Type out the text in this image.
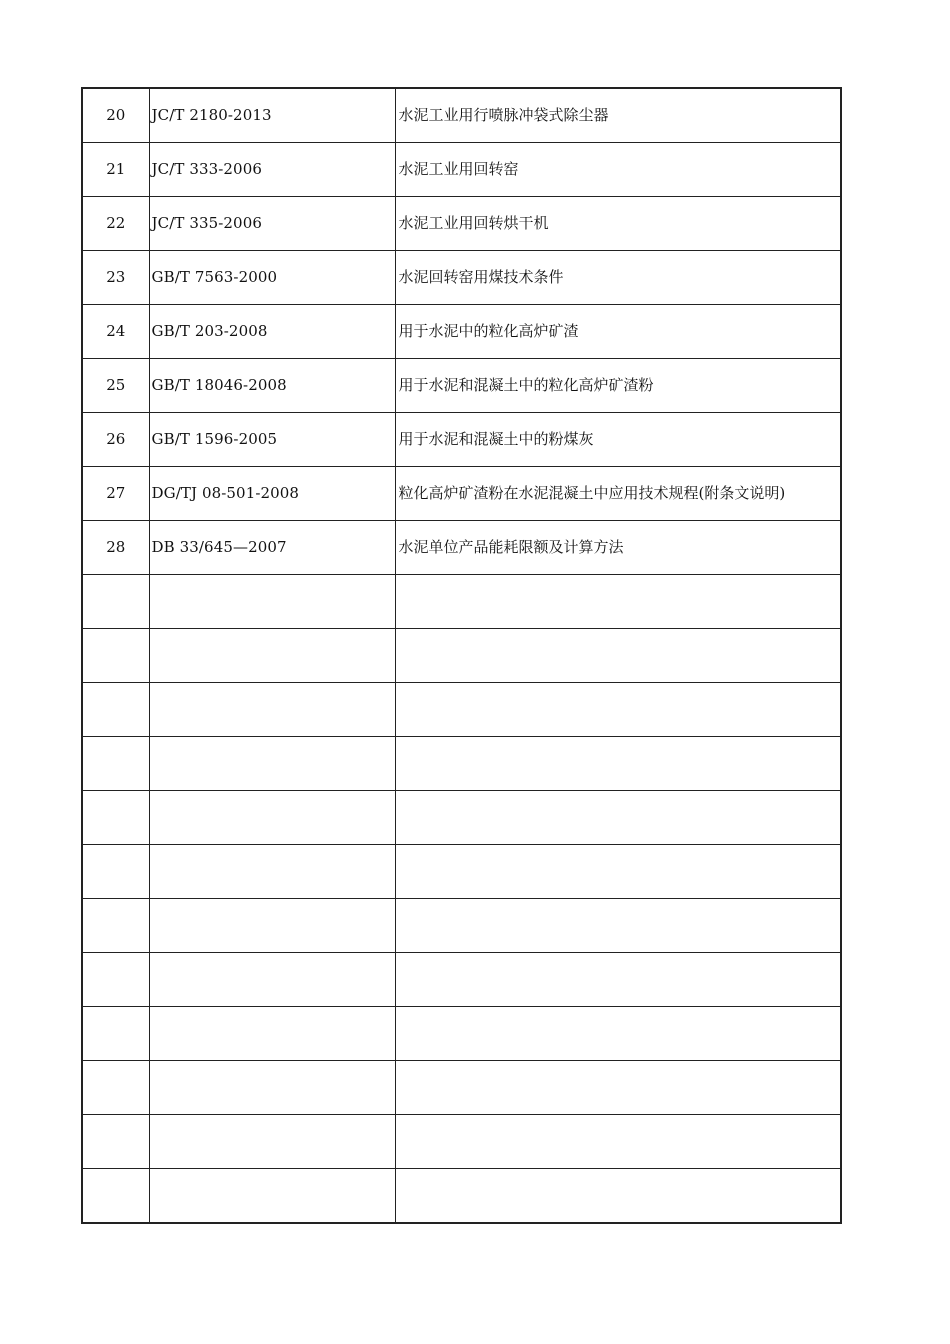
20	JC/T 2180-2013	水泥工业用行喷脉冲袋式除尘器

21	JC/T 333-2006	水泥工业用回转窑

22	JC/T 335-2006	水泥工业用回转烘干机

23	GB/T 7563-2000	水泥回转窑用煤技术条件

24	GB/T 203-2008	用于水泥中的粒化高炉矿渣

25	GB/T 18046-2008	用于水泥和混凝土中的粒化高炉矿渣粉

26	GB/T 1596-2005	用于水泥和混凝土中的粉煤灰

27	DG/TJ 08-501-2008	粒化高炉矿渣粉在水泥混凝土中应用技术规程(附条文说明)

28	DB 33/645—2007	水泥单位产品能耗限额及计算方法
